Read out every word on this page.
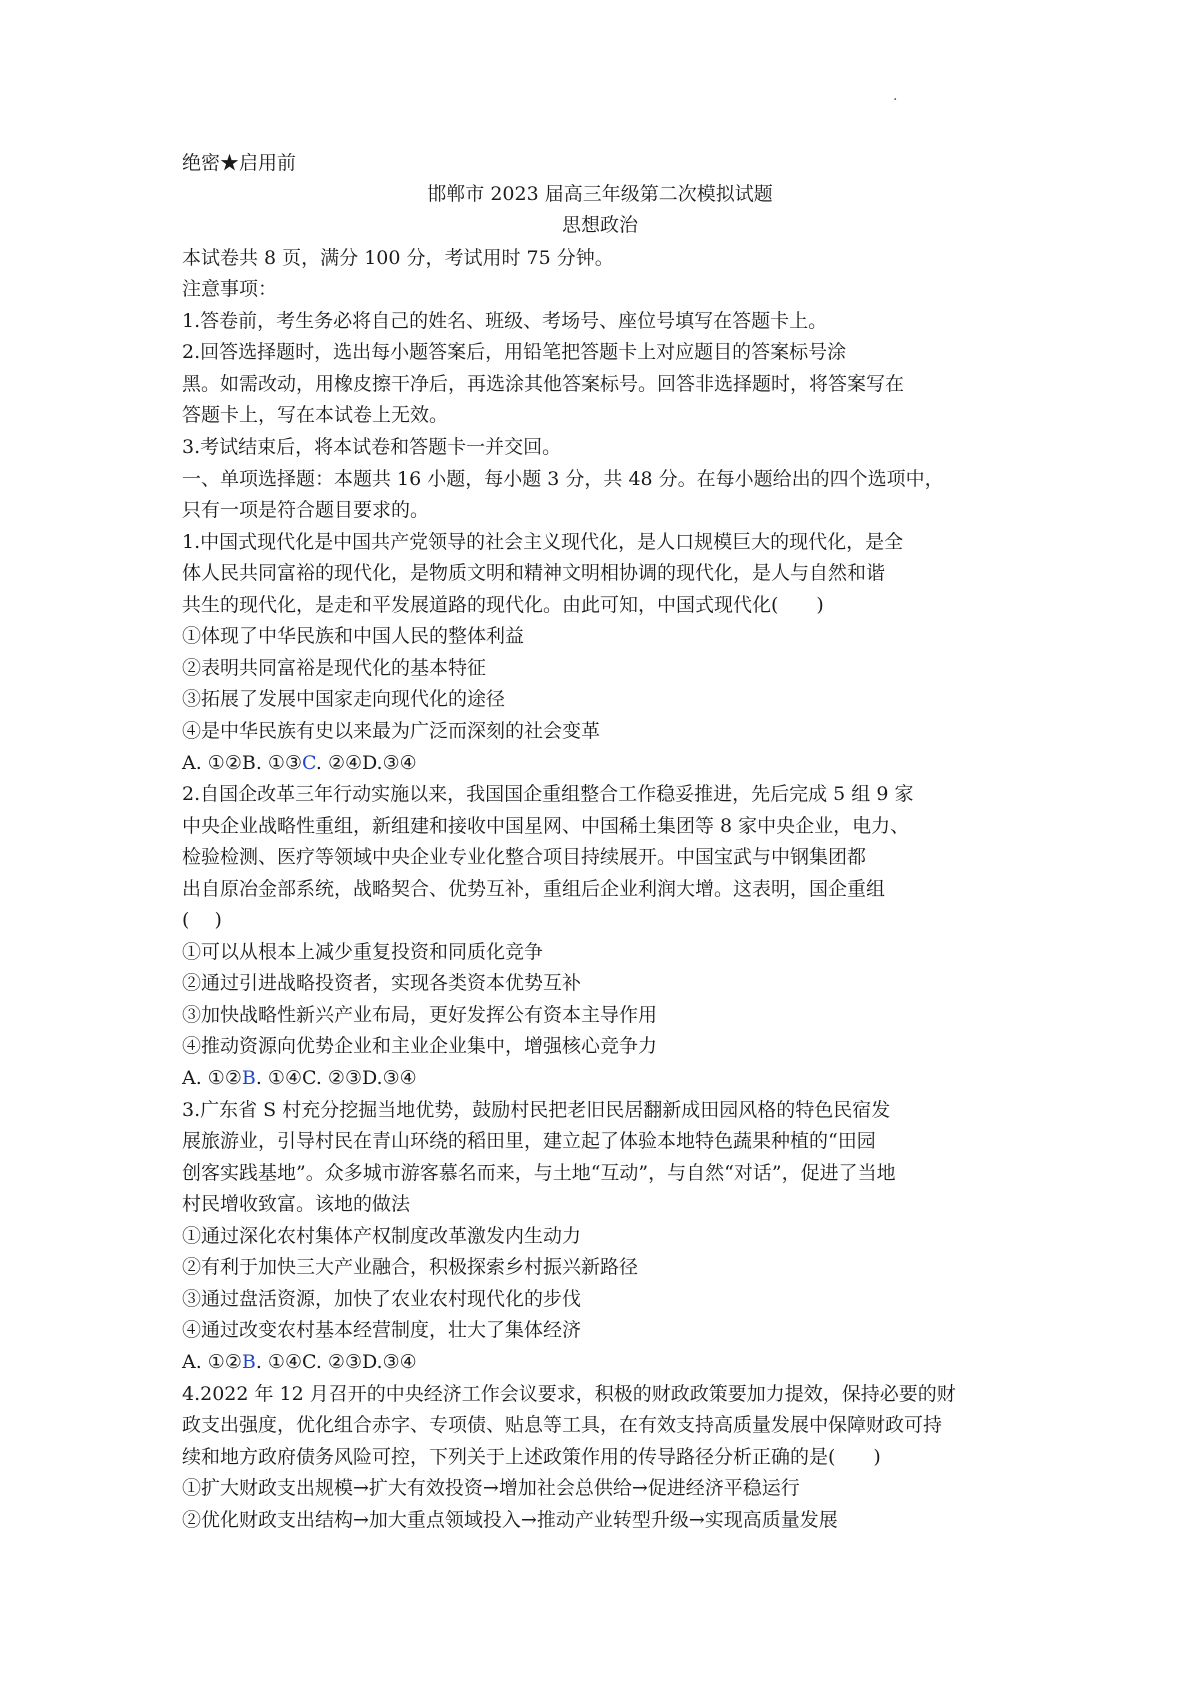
.
绝密★启用前
邯郸市 2023 届高三年级第二次模拟试题
思想政治
本试卷共 8 页，满分 100 分，考试用时 75 分钟。
注意事项：
1.答卷前，考生务必将自己的姓名、班级、考场号、座位号填写在答题卡上。
2.回答选择题时，选出每小题答案后，用铅笔把答题卡上对应题目的答案标号涂
黑。如需改动，用橡皮擦干净后，再选涂其他答案标号。回答非选择题时，将答案写在
答题卡上，写在本试卷上无效。
3.考试结束后，将本试卷和答题卡一并交回。
一、单项选择题：本题共 16 小题，每小题 3 分，共 48 分。在每小题给出的四个选项中，
只有一项是符合题目要求的。
1.中国式现代化是中国共产党领导的社会主义现代化，是人口规模巨大的现代化，是全
体人民共同富裕的现代化，是物质文明和精神文明相协调的现代化，是人与自然和谐
共生的现代化，是走和平发展道路的现代化。由此可知，中国式现代化(　　)
①体现了中华民族和中国人民的整体利益
②表明共同富裕是现代化的基本特征
③拓展了发展中国家走向现代化的途径
④是中华民族有史以来最为广泛而深刻的社会变革
A. ①②B. ①③C. ②④D.③④
2.自国企改革三年行动实施以来，我国国企重组整合工作稳妥推进，先后完成 5 组 9 家
中央企业战略性重组，新组建和接收中国星网、中国稀土集团等 8 家中央企业，电力、
检验检测、医疗等领域中央企业专业化整合项目持续展开。中国宝武与中钢集团都
出自原冶金部系统，战略契合、优势互补，重组后企业利润大增。这表明，国企重组
(　 )
①可以从根本上减少重复投资和同质化竞争
②通过引进战略投资者，实现各类资本优势互补
③加快战略性新兴产业布局，更好发挥公有资本主导作用
④推动资源向优势企业和主业企业集中，增强核心竞争力
A. ①②B. ①④C. ②③D.③④
3.广东省 S 村充分挖掘当地优势，鼓励村民把老旧民居翻新成田园风格的特色民宿发
展旅游业，引导村民在青山环绕的稻田里，建立起了体验本地特色蔬果种植的“田园
创客实践基地”。众多城市游客慕名而来，与土地“互动”，与自然“对话”，促进了当地
村民增收致富。该地的做法
①通过深化农村集体产权制度改革激发内生动力
②有利于加快三大产业融合，积极探索乡村振兴新路径
③通过盘活资源，加快了农业农村现代化的步伐
④通过改变农村基本经营制度，壮大了集体经济
A. ①②B. ①④C. ②③D.③④
4.2022 年 12 月召开的中央经济工作会议要求，积极的财政政策要加力提效，保持必要的财
政支出强度，优化组合赤字、专项债、贴息等工具，在有效支持高质量发展中保障财政可持
续和地方政府债务风险可控，下列关于上述政策作用的传导路径分析正确的是(　　)
①扩大财政支出规模→扩大有效投资→增加社会总供给→促进经济平稳运行
②优化财政支出结构→加大重点领域投入→推动产业转型升级→实现高质量发展
